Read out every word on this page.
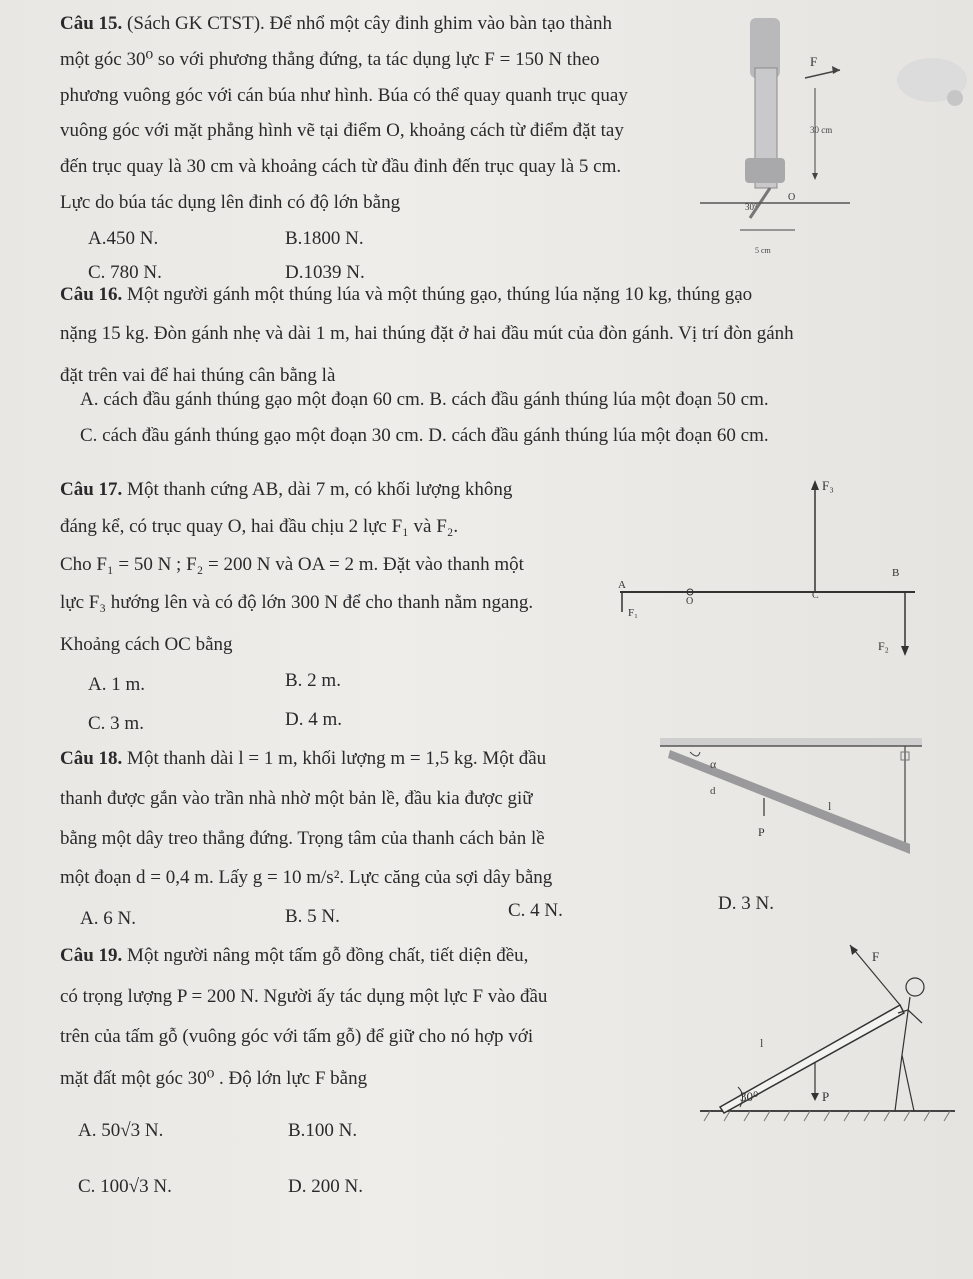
Câu 15. (Sách GK CTST). Để nhổ một cây đinh ghim vào bàn tạo thành
một góc 30⁰ so với phương thẳng đứng, ta tác dụng lực F = 150 N theo
phương vuông góc với cán búa như hình. Búa có thể quay quanh trục quay
vuông góc với mặt phẳng hình vẽ tại điểm O, khoảng cách từ điểm đặt tay
đến trục quay là 30 cm và khoảng cách từ đầu đinh đến trục quay là 5 cm.
Lực do búa tác dụng lên đinh có độ lớn bằng
A.450 N.	B.1800 N.
C. 780 N.	D.1039 N.
F
30 cm
O
30°
5 cm
Câu 16. Một người gánh một thúng lúa và một thúng gạo, thúng lúa nặng 10 kg, thúng gạo
nặng 15 kg. Đòn gánh nhẹ và dài 1 m, hai thúng đặt ở hai đầu mút của đòn gánh. Vị trí đòn gánh
đặt trên vai để hai thúng cân bằng là
A. cách đầu gánh thúng gạo một đoạn 60 cm. B. cách đầu gánh thúng lúa một đoạn 50 cm.
C. cách đầu gánh thúng gạo một đoạn 30 cm. D. cách đầu gánh thúng lúa một đoạn 60 cm.
Câu 17. Một thanh cứng AB, dài 7 m, có khối lượng không
đáng kể, có trục quay O, hai đầu chịu 2 lực F₁ và F₂.
Cho F₁ = 50 N ; F₂ = 200 N và OA = 2 m. Đặt vào thanh một
lực F₃ hướng lên và có độ lớn 300 N để cho thanh nằm ngang.
Khoảng cách OC bằng
A. 1 m.	B. 2 m.
C. 3 m.	D. 4 m.
F₃
B
A
O
C
F₁
F₂
Câu 18. Một thanh dài l = 1 m, khối lượng m = 1,5 kg. Một đầu
thanh được gắn vào trần nhà nhờ một bản lề, đầu kia được giữ
bằng một dây treo thẳng đứng. Trọng tâm của thanh cách bản lề
một đoạn d = 0,4 m. Lấy g = 10 m/s². Lực căng của sợi dây bằng
A. 6 N.	B. 5 N.	C. 4 N.	D. 3 N.
α
d
l
P
Câu 19. Một người nâng một tấm gỗ đồng chất, tiết diện đều,
có trọng lượng P = 200 N. Người ấy tác dụng một lực F vào đầu
trên của tấm gỗ (vuông góc với tấm gỗ) để giữ cho nó hợp với
mặt đất một góc 30⁰ . Độ lớn lực F bằng
A. 50√3 N.	B.100 N.
C. 100√3 N.	D. 200 N.
F
l
30⁰	P
